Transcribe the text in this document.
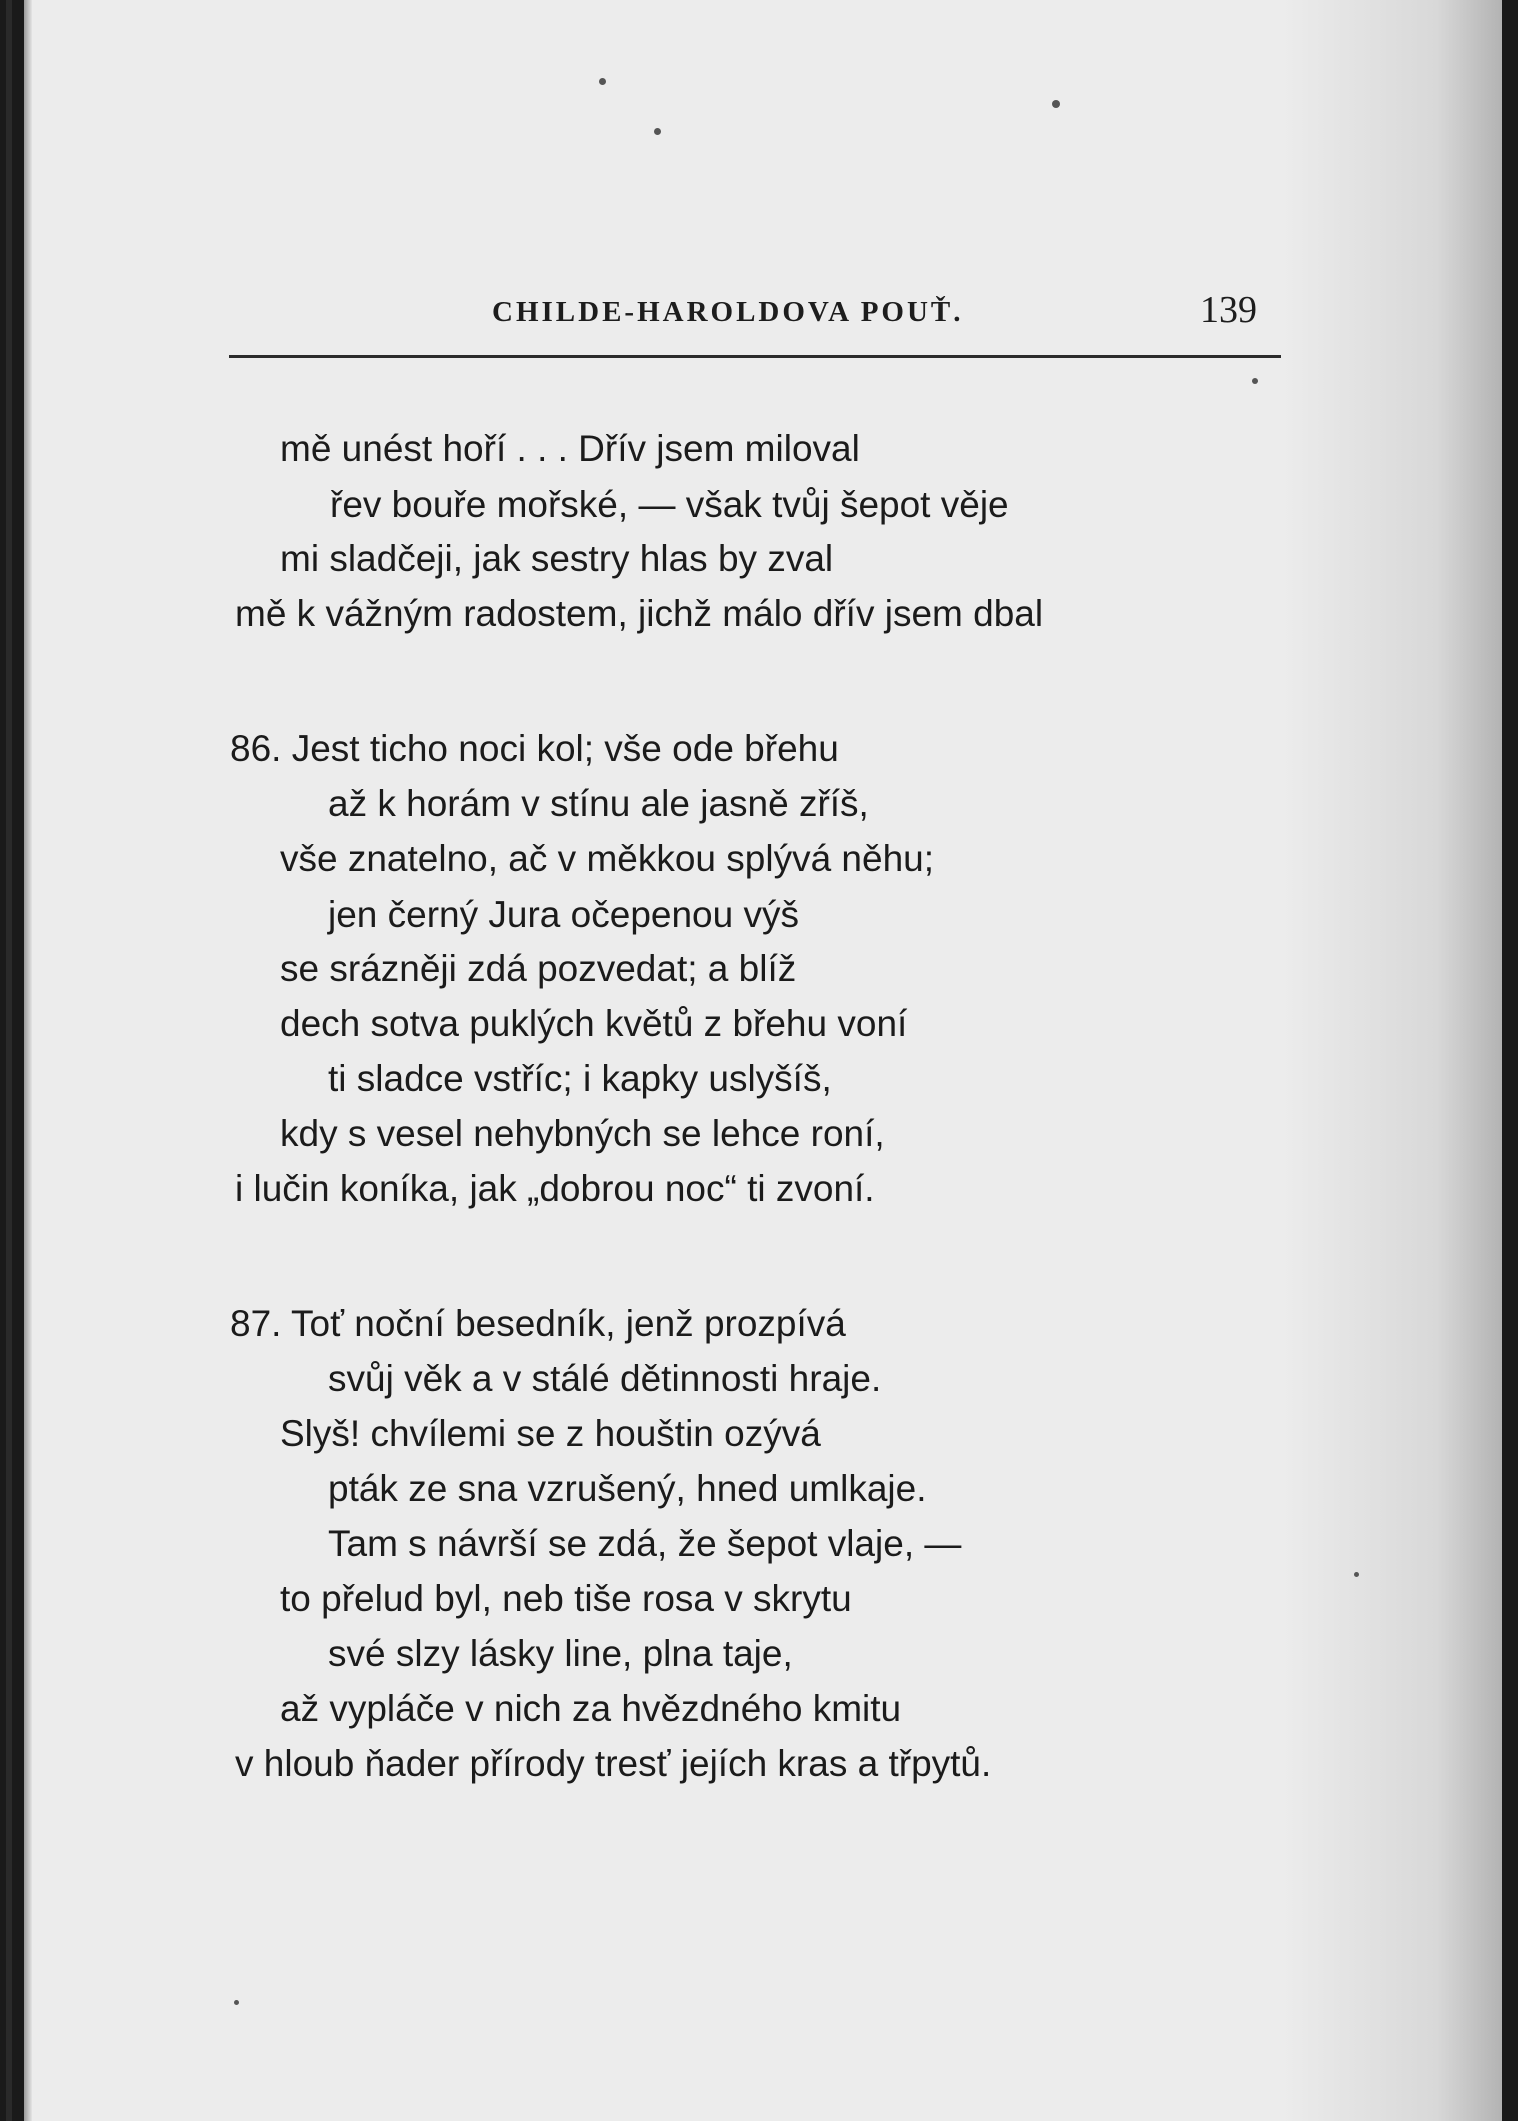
CHILDE-HAROLDOVA POUŤ.	139
mě unést hoří . . . Dřív jsem miloval
řev bouře mořské, — však tvůj šepot věje
mi sladčeji, jak sestry hlas by zval
mě k vážným radostem, jichž málo dřív jsem dbal
86. Jest ticho noci kol; vše ode břehu
až k horám v stínu ale jasně zříš,
vše znatelno, ač v měkkou splývá něhu;
jen černý Jura očepenou výš
se srázněji zdá pozvedat; a blíž
dech sotva puklých květů z břehu voní
ti sladce vstříc; i kapky uslyšíš,
kdy s vesel nehybných se lehce roní,
i lučin koníka, jak „dobrou noc“ ti zvoní.
87. Toť noční besedník, jenž prozpívá
svůj věk a v stálé dětinnosti hraje.
Slyš! chvílemi se z houštin ozývá
pták ze sna vzrušený, hned umlkaje.
Tam s návrší se zdá, že šepot vlaje, —
to přelud byl, neb tiše rosa v skrytu
své slzy lásky line, plna taje,
až vypláče v nich za hvězdného kmitu
v hloub ňader přírody tresť jejích kras a třpytů.
